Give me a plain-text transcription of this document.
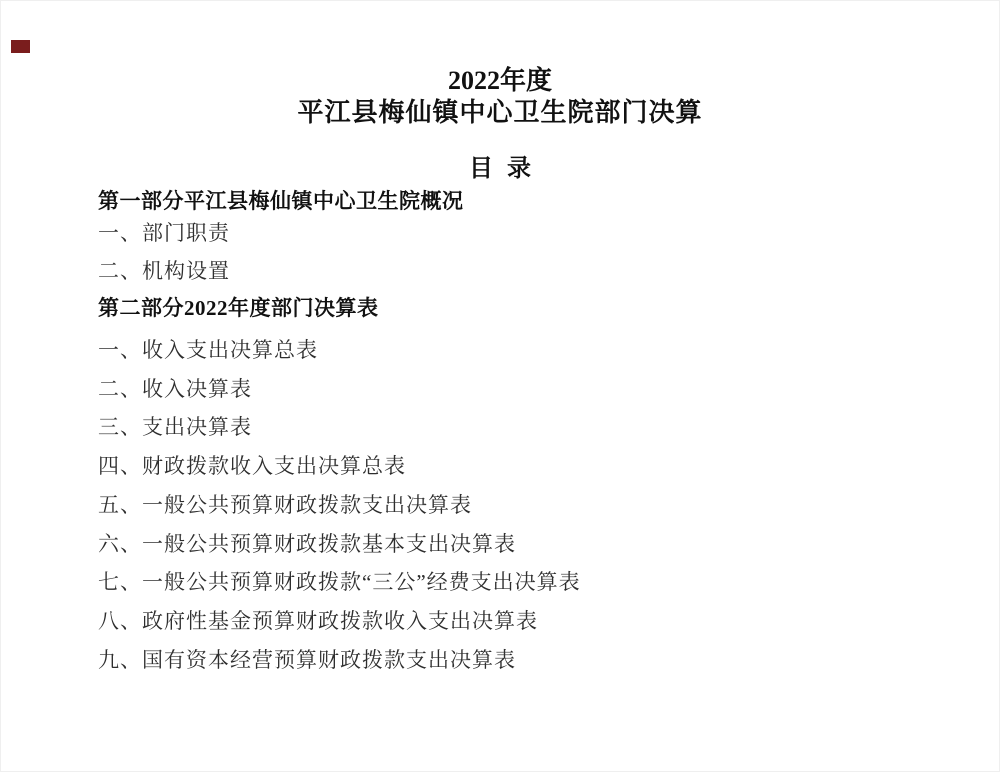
2022年度
平江县梅仙镇中心卫生院部门决算
目 录
第一部分平江县梅仙镇中心卫生院概况
一、部门职责
二、机构设置
第二部分2022年度部门决算表
一、收入支出决算总表
二、收入决算表
三、支出决算表
四、财政拨款收入支出决算总表
五、一般公共预算财政拨款支出决算表
六、一般公共预算财政拨款基本支出决算表
七、一般公共预算财政拨款“三公”经费支出决算表
八、政府性基金预算财政拨款收入支出决算表
九、国有资本经营预算财政拨款支出决算表
